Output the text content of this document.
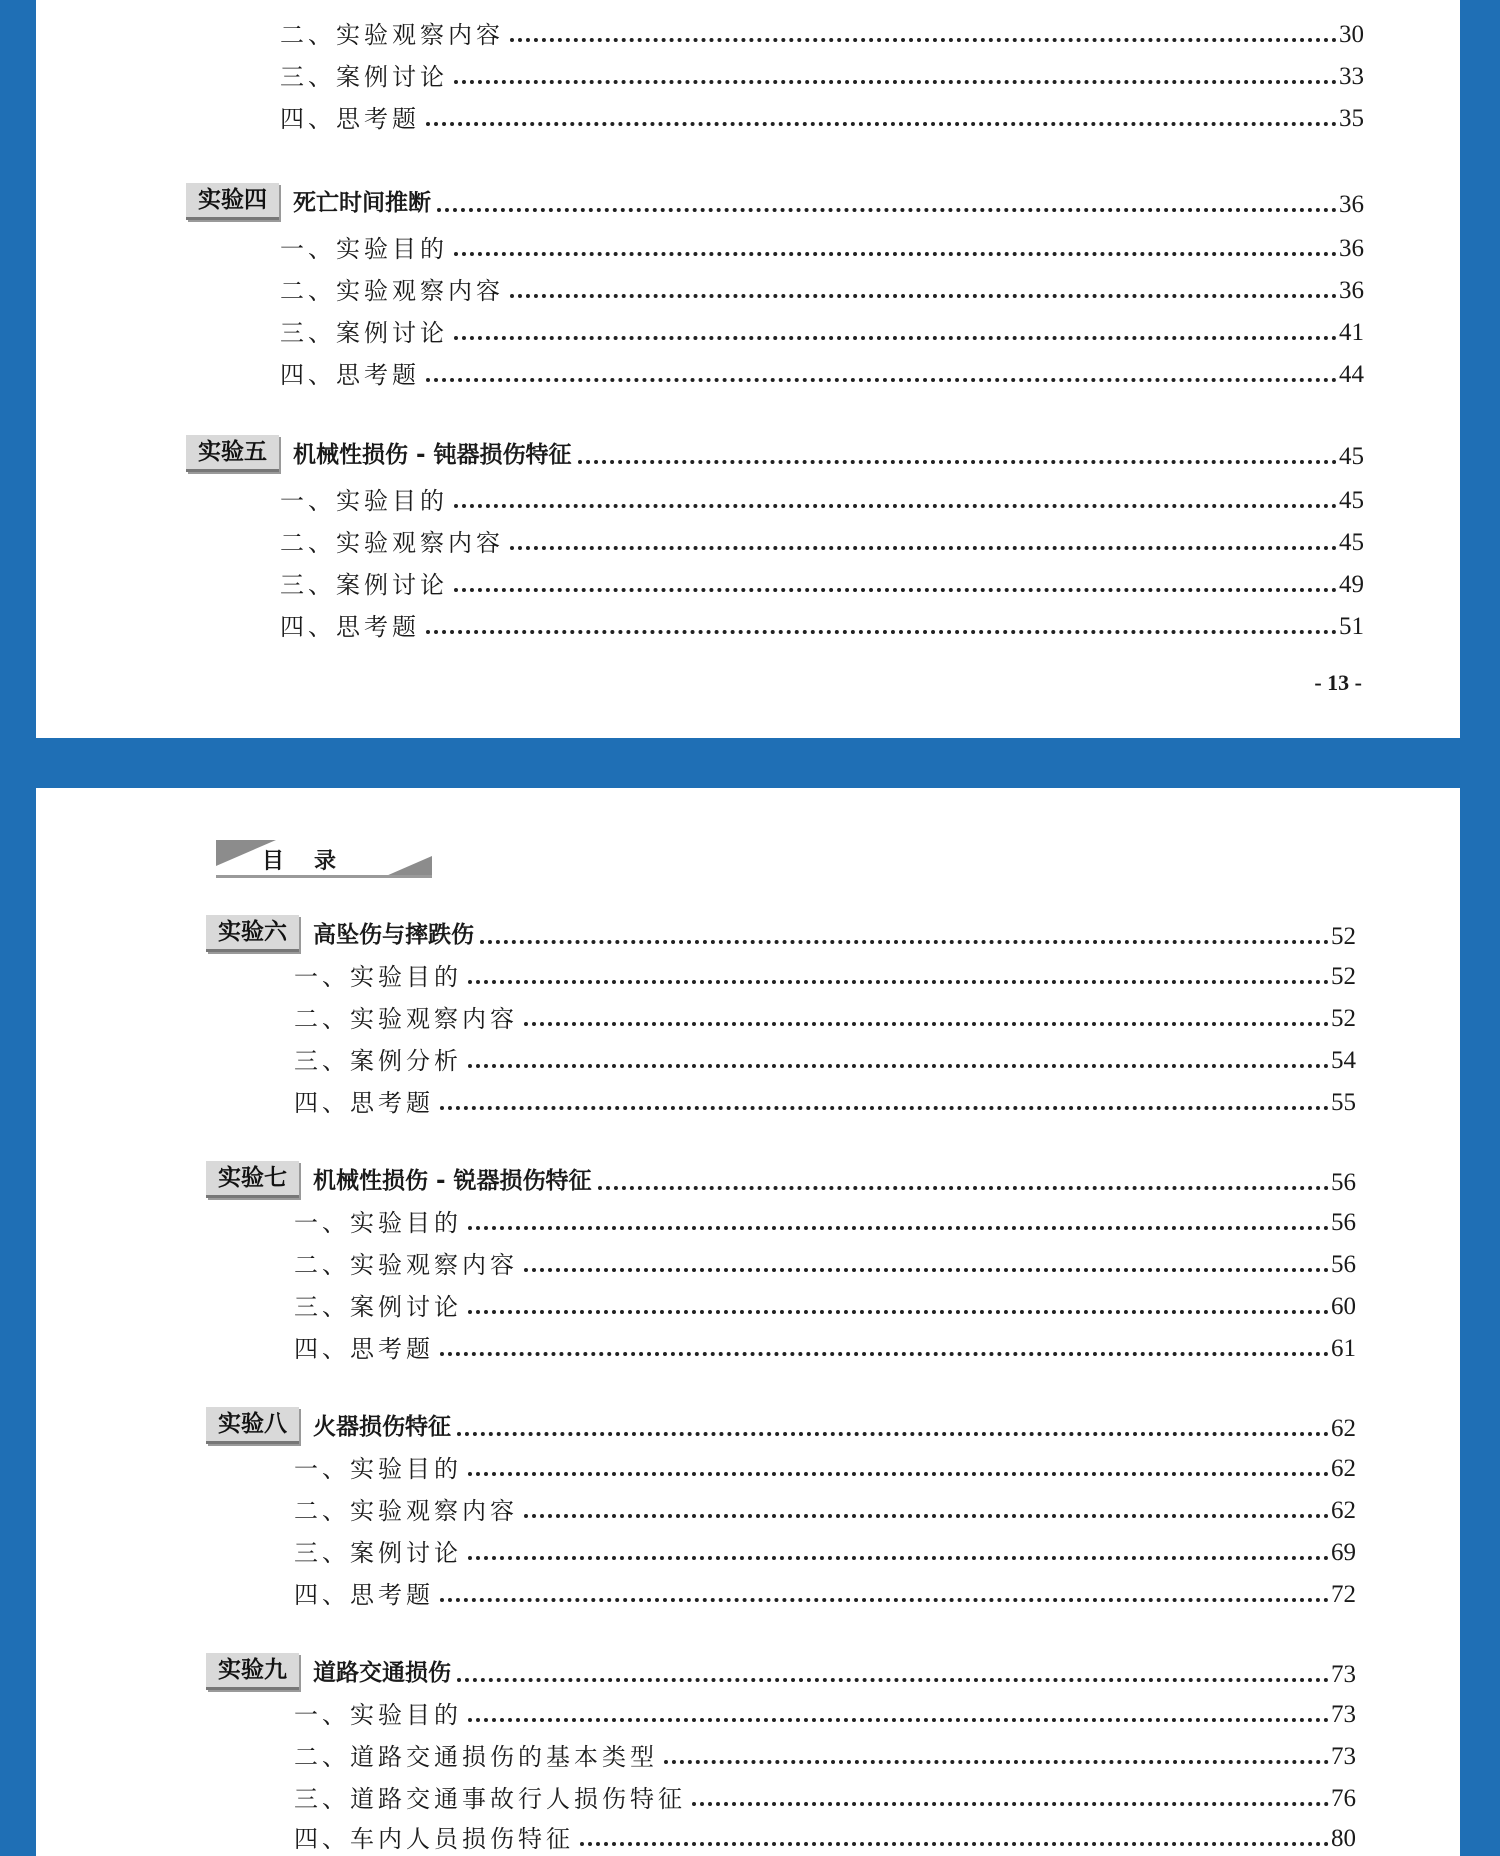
二、实验观察内容	30
三、案例讨论	33
四、思考题	35
实验四	死亡时间推断	36
一、实验目的	36
二、实验观察内容	36
三、案例讨论	41
四、思考题	44
实验五	机械性损伤 - 钝器损伤特征	45
一、实验目的	45
二、实验观察内容	45
三、案例讨论	49
四、思考题	51
- 13 -
目录
实验六	高坠伤与摔跌伤	52
一、实验目的	52
二、实验观察内容	52
三、案例分析	54
四、思考题	55
实验七	机械性损伤 - 锐器损伤特征	56
一、实验目的	56
二、实验观察内容	56
三、案例讨论	60
四、思考题	61
实验八	火器损伤特征	62
一、实验目的	62
二、实验观察内容	62
三、案例讨论	69
四、思考题	72
实验九	道路交通损伤	73
一、实验目的	73
二、道路交通损伤的基本类型	73
三、道路交通事故行人损伤特征	76
四、车内人员损伤特征	80
